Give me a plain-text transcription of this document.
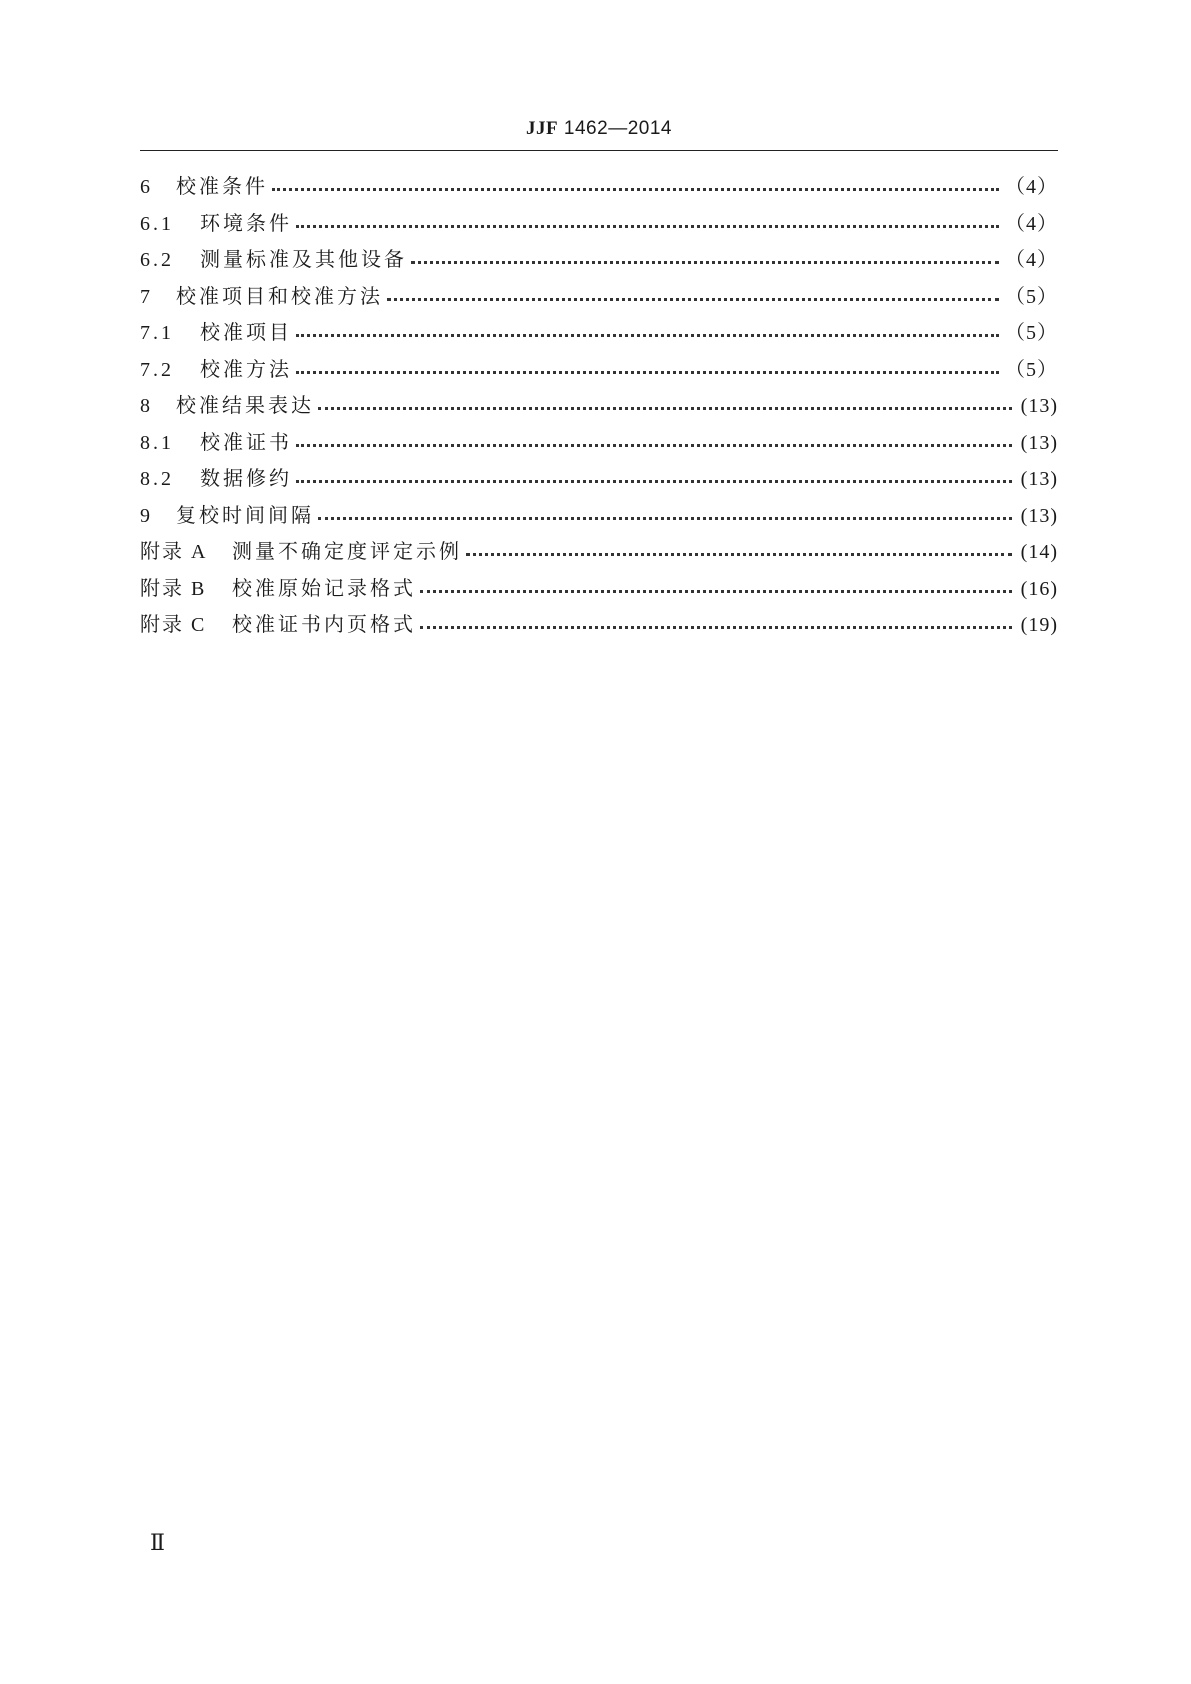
JJF 1462—2014
6	校准条件	（4）
6.1	环境条件	（4）
6.2	测量标准及其他设备	（4）
7	校准项目和校准方法	（5）
7.1	校准项目	（5）
7.2	校准方法	（5）
8	校准结果表达	(13)
8.1	校准证书	(13)
8.2	数据修约	(13)
9	复校时间间隔	(13)
附录 A	测量不确定度评定示例	(14)
附录 B	校准原始记录格式	(16)
附录 C	校准证书内页格式	(19)
Ⅱ
